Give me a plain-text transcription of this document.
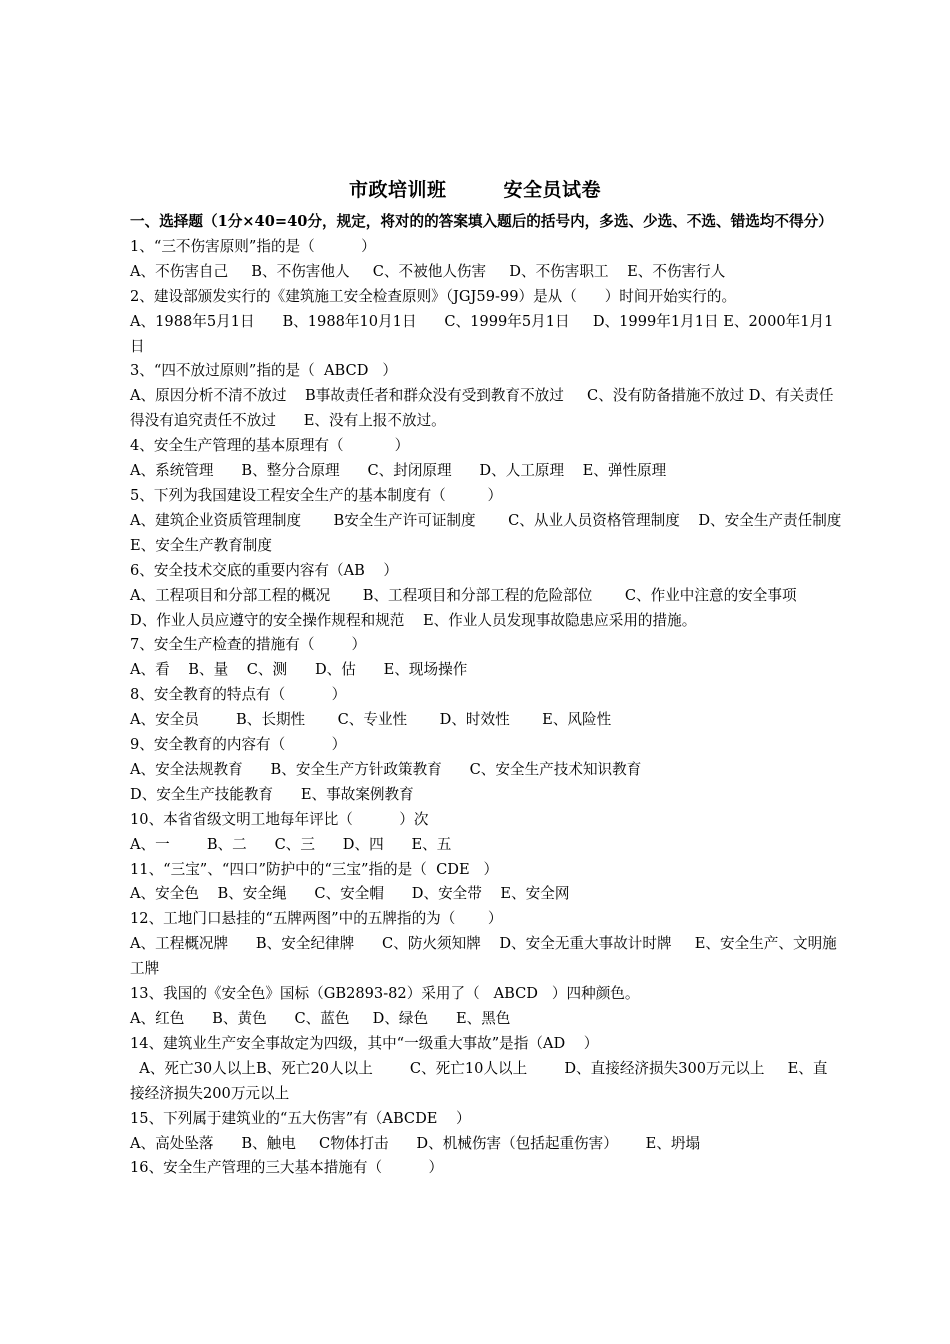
市政培训班        安全员试卷

一、选择题（1分×40=40分，规定，将对的的答案填入题后的括号内，多选、少选、不选、错选均不得分）

1、“三不伤害原则”指的是（          ）

A、不伤害自己     B、不伤害他人     C、不被他人伤害     D、不伤害职工    E、不伤害行人

2、建设部颁发实行的《建筑施工安全检查原则》（JGJ59-99）是从（      ）时间开始实行的。

A、1988年5月1日      B、1988年10月1日      C、1999年5月1日     D、1999年1月1日 E、2000年1月1日

3、“四不放过原则”指的是（  ABCD   ）

A、原因分析不清不放过    B事故责任者和群众没有受到教育不放过     C、没有防备措施不放过 D、有关责任得没有追究责任不放过      E、没有上报不放过。

4、安全生产管理的基本原理有（           ）

A、系统管理      B、整分合原理      C、封闭原理      D、人工原理    E、弹性原理

5、下列为我国建设工程安全生产的基本制度有（         ）

A、建筑企业资质管理制度       B安全生产许可证制度       C、从业人员资格管理制度    D、安全生产责任制度        E、安全生产教育制度

6、安全技术交底的重要内容有（AB    ）

A、工程项目和分部工程的概况       B、工程项目和分部工程的危险部位       C、作业中注意的安全事项      D、作业人员应遵守的安全操作规程和规范    E、作业人员发现事故隐患应采用的措施。

7、安全生产检查的措施有（        ）

A、看    B、量    C、测      D、估      E、现场操作

8、安全教育的特点有（          ）

A、安全员        B、长期性       C、专业性       D、时效性       E、风险性

9、安全教育的内容有（          ）

A、安全法规教育      B、安全生产方针政策教育      C、安全生产技术知识教育

D、安全生产技能教育      E、事故案例教育

10、本省省级文明工地每年评比（          ）次

A、一        B、二      C、三      D、四      E、五

11、“三宝”、“四口”防护中的“三宝”指的是（  CDE   ）

A、安全色    B、安全绳      C、安全帽      D、安全带    E、安全网

12、工地门口悬挂的“五牌两图”中的五牌指的为（       ）

A、工程概况牌      B、安全纪律牌      C、防火须知牌    D、安全无重大事故计时牌     E、安全生产、文明施工牌

13、我国的《安全色》国标（GB2893-82）采用了（   ABCD   ）四种颜色。

A、红色      B、黄色      C、蓝色     D、绿色      E、黑色

14、建筑业生产安全事故定为四级，其中“一级重大事故”是指（AD    ）

A、死亡30人以上B、死亡20人以上        C、死亡10人以上        D、直接经济损失300万元以上     E、直接经济损失200万元以上

15、下列属于建筑业的“五大伤害”有（ABCDE    ）

A、高处坠落      B、触电     C物体打击      D、机械伤害（包括起重伤害）      E、坍塌

16、安全生产管理的三大基本措施有（          ）
